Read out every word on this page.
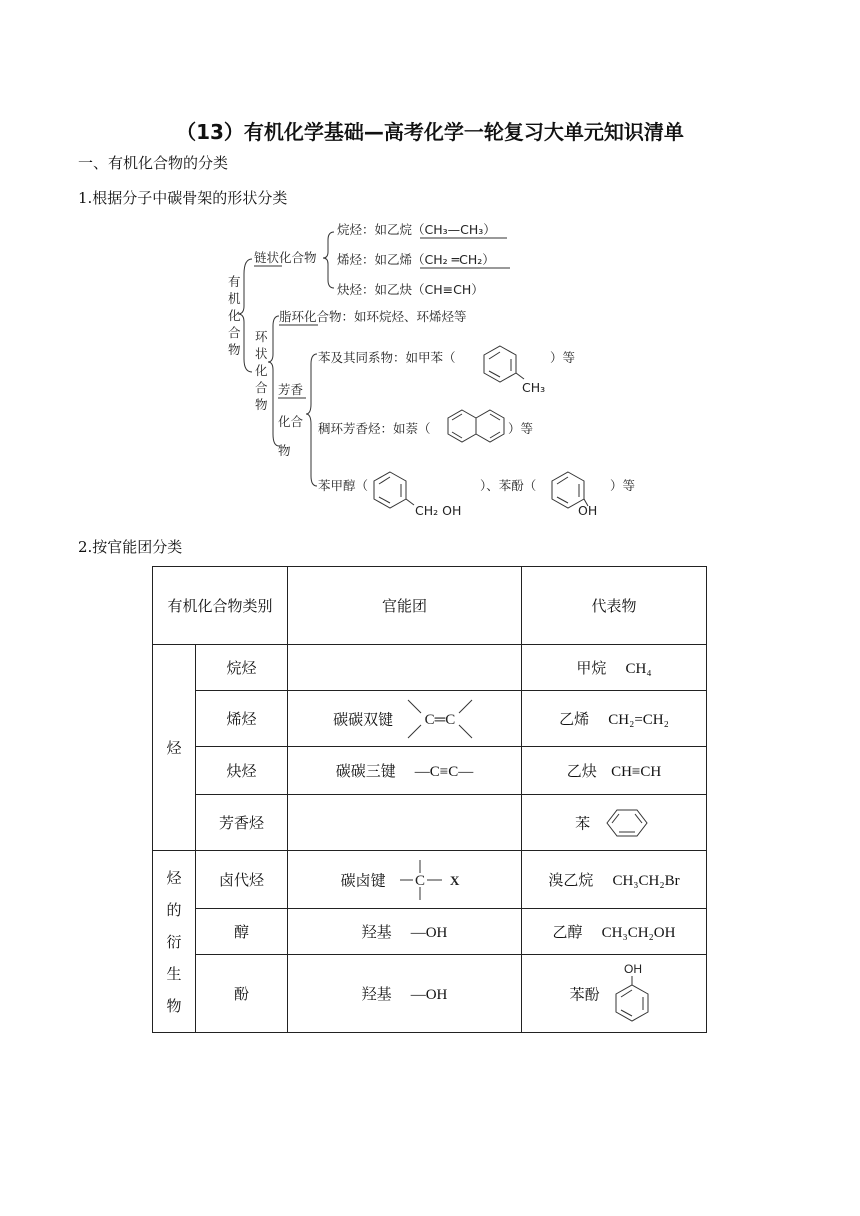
（13）有机化学基础—高考化学一轮复习大单元知识清单
一、有机化合物的分类
1.根据分子中碳骨架的形状分类
有
机
化
合
物
链状化合物
烷烃：如乙烷（CH₃—CH₃）
烯烃：如乙烯（CH₂ ═CH₂）
炔烃：如乙炔（CH≡CH）
环
状
化
合
物
脂环化合物：如环烷烃、环烯烃等
芳香
化合
物
苯及其同系物：如甲苯（
CH₃
）等
稠环芳香烃：如萘（	）等
苯甲醇（
CH₂ OH
）、苯酚（
OH
）等
2.按官能团分类
有机化合物类别		官能团	代表物
烃	烷烃		甲烷 CH₄
	烯烃	碳碳双键 C═C	乙烯 CH₂=CH₂
	炔烃	碳碳三键 —C≡C—	乙炔 CH≡CH
	芳香烃		苯

烃
的
衍
生
物	卤代烃	碳卤键 C X	溴乙烷 CH₃CH₂Br
	醇	羟基 —OH	乙醇 CH₃CH₂OH
	酚	羟基 —OH	苯酚
OH
